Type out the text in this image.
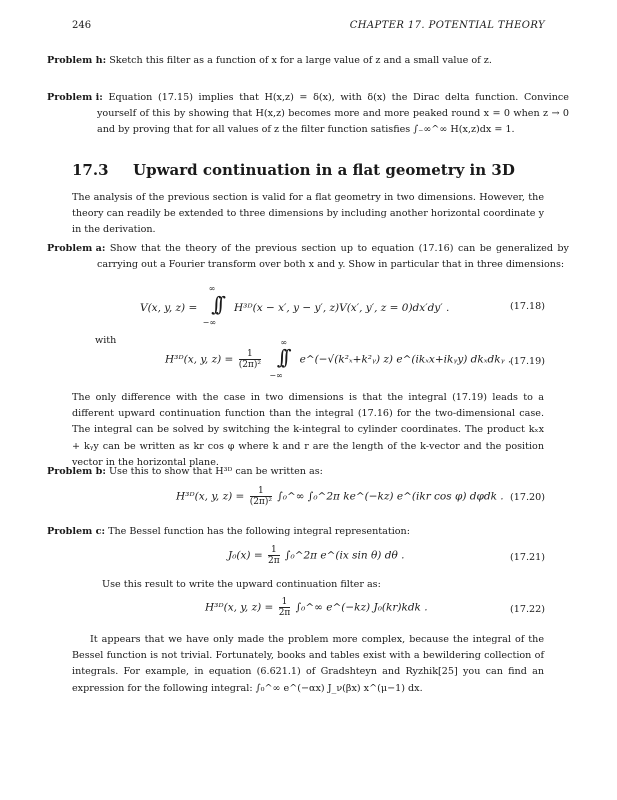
246	CHAPTER 17. POTENTIAL THEORY
Problem h: Sketch this filter as a function of x for a large value of z and a small value of z.
Problem i: Equation (17.15) implies that H(x,z) = δ(x), with δ(x) the Dirac delta function. Convince yourself of this by showing that H(x,z) becomes more and more peaked round x = 0 when z → 0 and by proving that for all values of z the filter function satisfies ∫₋∞^∞ H(x,z)dx = 1.
17.3 Upward continuation in a flat geometry in 3D
The analysis of the previous section is valid for a flat geometry in two dimensions. However, the theory can readily be extended to three dimensions by including another horizontal coordinate y in the derivation.
Problem a: Show that the theory of the previous section up to equation (17.16) can be generalized by carrying out a Fourier transform over both x and y. Show in particular that in three dimensions:
V(x, y, z) =
∞
∫∫
−∞
H³ᴰ(x − x′, y − y′, z)V(x′, y′, z = 0)dx′dy′ .	(17.18)
with
H³ᴰ(x, y, $z) = \frac{1}{\text{(2π)²}}$

∞
∫∫
−∞
e^(−√(k²ₓ+k²ᵧ) z) e^(ikₓx+ikᵧy) dkₓdkᵧ .
(17.19)
The only difference with the case in two dimensions is that the integral (17.19) leads to a different upward continuation function than the integral (17.16) for the two-dimensional case. The integral can be solved by switching the k-integral to cylinder coordinates. The product kₓx + kᵧy can be written as kr cos φ where k and r are the length of the k-vector and the position vector in the horizontal plane.
Problem b: Use this to show that H³ᴰ can be written as:
H³ᴰ(x, y, $z) = \frac{1}{\text{(2π)²}}$ ∫₀^∞ ∫₀^2π ke^(−kz) e^(ikr cos φ) dφdk . (17.20)
Problem c: The Bessel function has the following integral representation:
$J_0(x) = \frac{1}{2\pi}$ ∫₀^2π e^(ix sin θ) dθ .	(17.21)
Use this result to write the upward continuation filter as:
H³ᴰ(x, y, $z) = \frac{1}{2\pi}$ ∫₀^∞ e^(−kz) J₀(kr)kdk .	(17.22)
It appears that we have only made the problem more complex, because the integral of the Bessel function is not trivial. Fortunately, books and tables exist with a bewildering collection of integrals. For example, in equation (6.621.1) of Gradshteyn and Ryzhik[25] you can find an expression for the following integral: ∫₀^∞ e^(−αx) J_ν(βx) x^(μ−1) dx.
